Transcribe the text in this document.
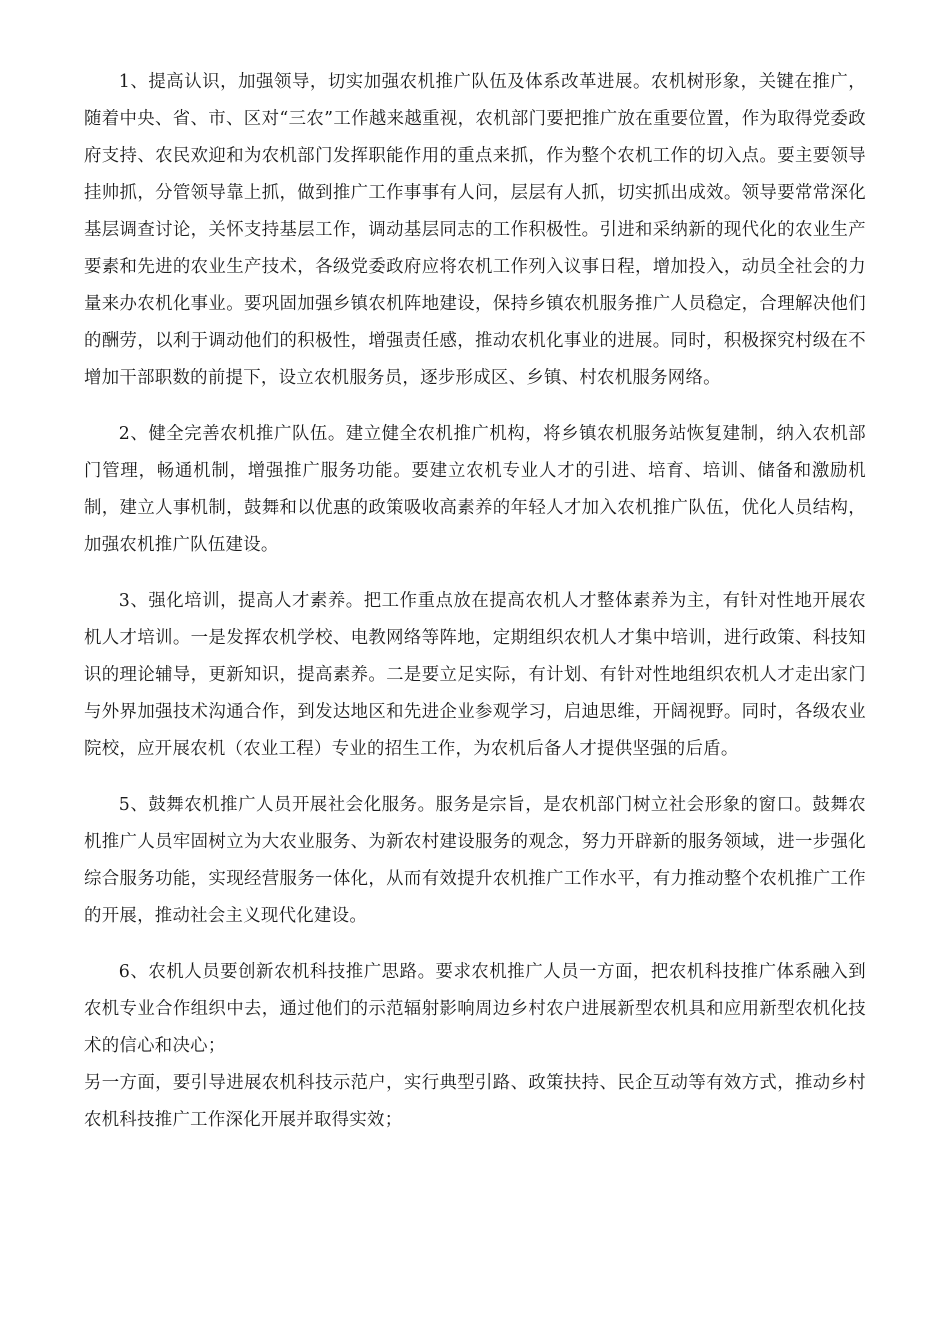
1、提高认识，加强领导，切实加强农机推广队伍及体系改革进展。农机树形象，关键在推广，随着中央、省、市、区对“三农”工作越来越重视，农机部门要把推广放在重要位置，作为取得党委政府支持、农民欢迎和为农机部门发挥职能作用的重点来抓，作为整个农机工作的切入点。要主要领导挂帅抓，分管领导靠上抓，做到推广工作事事有人问，层层有人抓，切实抓出成效。领导要常常深化基层调查讨论，关怀支持基层工作，调动基层同志的工作积极性。引进和采纳新的现代化的农业生产要素和先进的农业生产技术，各级党委政府应将农机工作列入议事日程，增加投入，动员全社会的力量来办农机化事业。要巩固加强乡镇农机阵地建设，保持乡镇农机服务推广人员稳定，合理解决他们的酬劳，以利于调动他们的积极性，增强责任感，推动农机化事业的进展。同时，积极探究村级在不增加干部职数的前提下，设立农机服务员，逐步形成区、乡镇、村农机服务网络。

2、健全完善农机推广队伍。建立健全农机推广机构，将乡镇农机服务站恢复建制，纳入农机部门管理，畅通机制，增强推广服务功能。要建立农机专业人才的引进、培育、培训、储备和激励机制，建立人事机制，鼓舞和以优惠的政策吸收高素养的年轻人才加入农机推广队伍，优化人员结构，加强农机推广队伍建设。

3、强化培训，提高人才素养。把工作重点放在提高农机人才整体素养为主，有针对性地开展农机人才培训。一是发挥农机学校、电教网络等阵地，定期组织农机人才集中培训，进行政策、科技知识的理论辅导，更新知识，提高素养。二是要立足实际，有计划、有针对性地组织农机人才走出家门与外界加强技术沟通合作，到发达地区和先进企业参观学习，启迪思维，开阔视野。同时，各级农业院校，应开展农机（农业工程）专业的招生工作，为农机后备人才提供坚强的后盾。

5、鼓舞农机推广人员开展社会化服务。服务是宗旨，是农机部门树立社会形象的窗口。鼓舞农机推广人员牢固树立为大农业服务、为新农村建设服务的观念，努力开辟新的服务领域，进一步强化综合服务功能，实现经营服务一体化，从而有效提升农机推广工作水平，有力推动整个农机推广工作的开展，推动社会主义现代化建设。

6、农机人员要创新农机科技推广思路。要求农机推广人员一方面，把农机科技推广体系融入到农机专业合作组织中去，通过他们的示范辐射影响周边乡村农户进展新型农机具和应用新型农机化技术的信心和决心；

另一方面，要引导进展农机科技示范户，实行典型引路、政策扶持、民企互动等有效方式，推动乡村农机科技推广工作深化开展并取得实效；
